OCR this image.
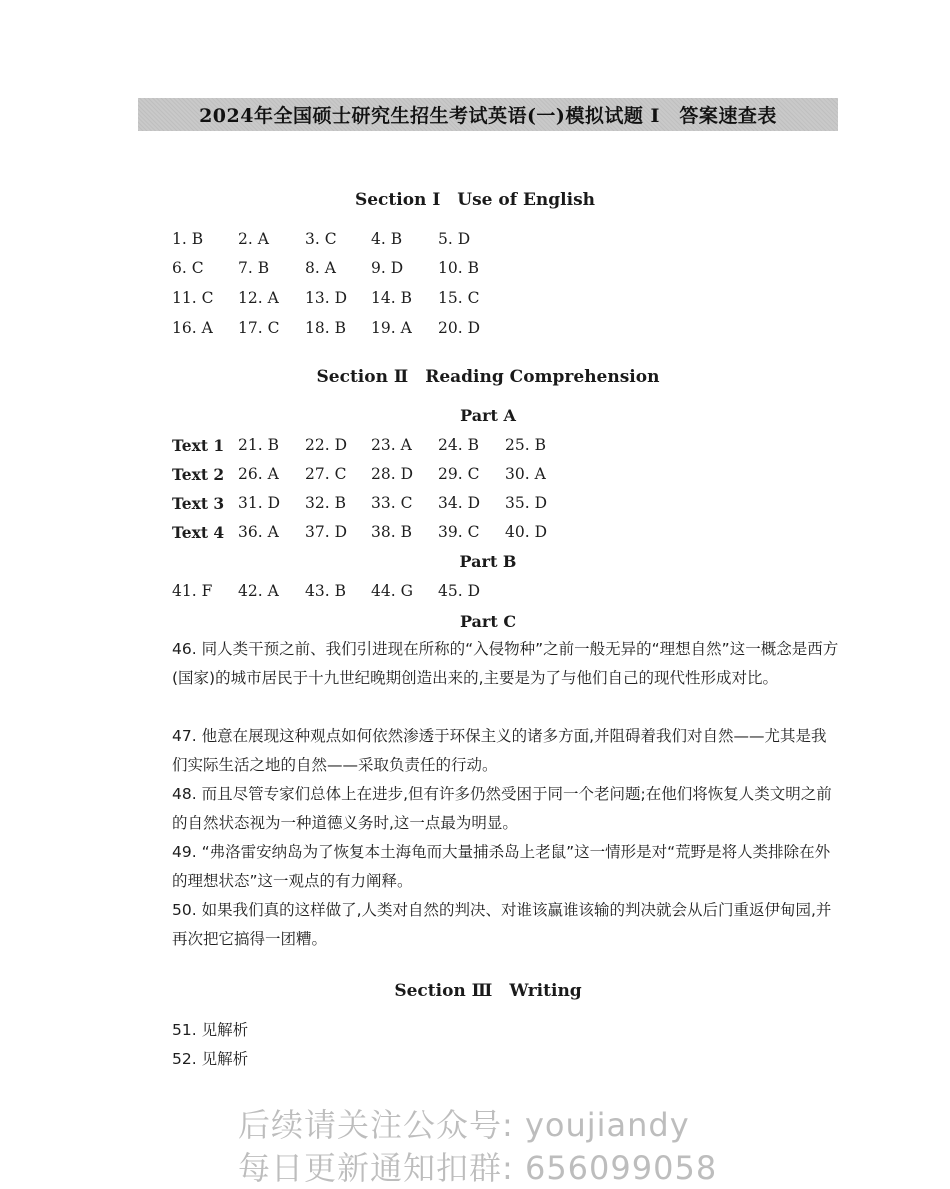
2024年全国硕士研究生招生考试英语(一)模拟试题 I　答案速查表
Section Ⅰ　Use of English
1. B 2. A 3. C 4. B 5. D
6. C 7. B 8. A 9. D 10. B
11. C 12. A 13. D 14. B 15. C
16. A 17. C 18. B 19. A 20. D
Section Ⅱ　Reading Comprehension
Part A
Text 1 21. B 22. D 23. A 24. B 25. B
Text 2 26. A 27. C 28. D 29. C 30. A
Text 3 31. D 32. B 33. C 34. D 35. D
Text 4 36. A 37. D 38. B 39. C 40. D
Part B
41. F 42. A 43. B 44. G 45. D
Part C
46. 同人类干预之前、我们引进现在所称的“入侵物种”之前一般无异的“理想自然”这一概念是西方(国家)的城市居民于十九世纪晚期创造出来的,主要是为了与他们自己的现代性形成对比。
47. 他意在展现这种观点如何依然渗透于环保主义的诸多方面,并阻碍着我们对自然——尤其是我们实际生活之地的自然——采取负责任的行动。
48. 而且尽管专家们总体上在进步,但有许多仍然受困于同一个老问题;在他们将恢复人类文明之前的自然状态视为一种道德义务时,这一点最为明显。
49. “弗洛雷安纳岛为了恢复本土海龟而大量捕杀岛上老鼠”这一情形是对“荒野是将人类排除在外的理想状态”这一观点的有力阐释。
50. 如果我们真的这样做了,人类对自然的判决、对谁该赢谁该输的判决就会从后门重返伊甸园,并再次把它搞得一团糟。
Section Ⅲ　Writing
51. 见解析
52. 见解析
后续请关注公众号: youjiandy
每日更新通知扣群: 656099058
